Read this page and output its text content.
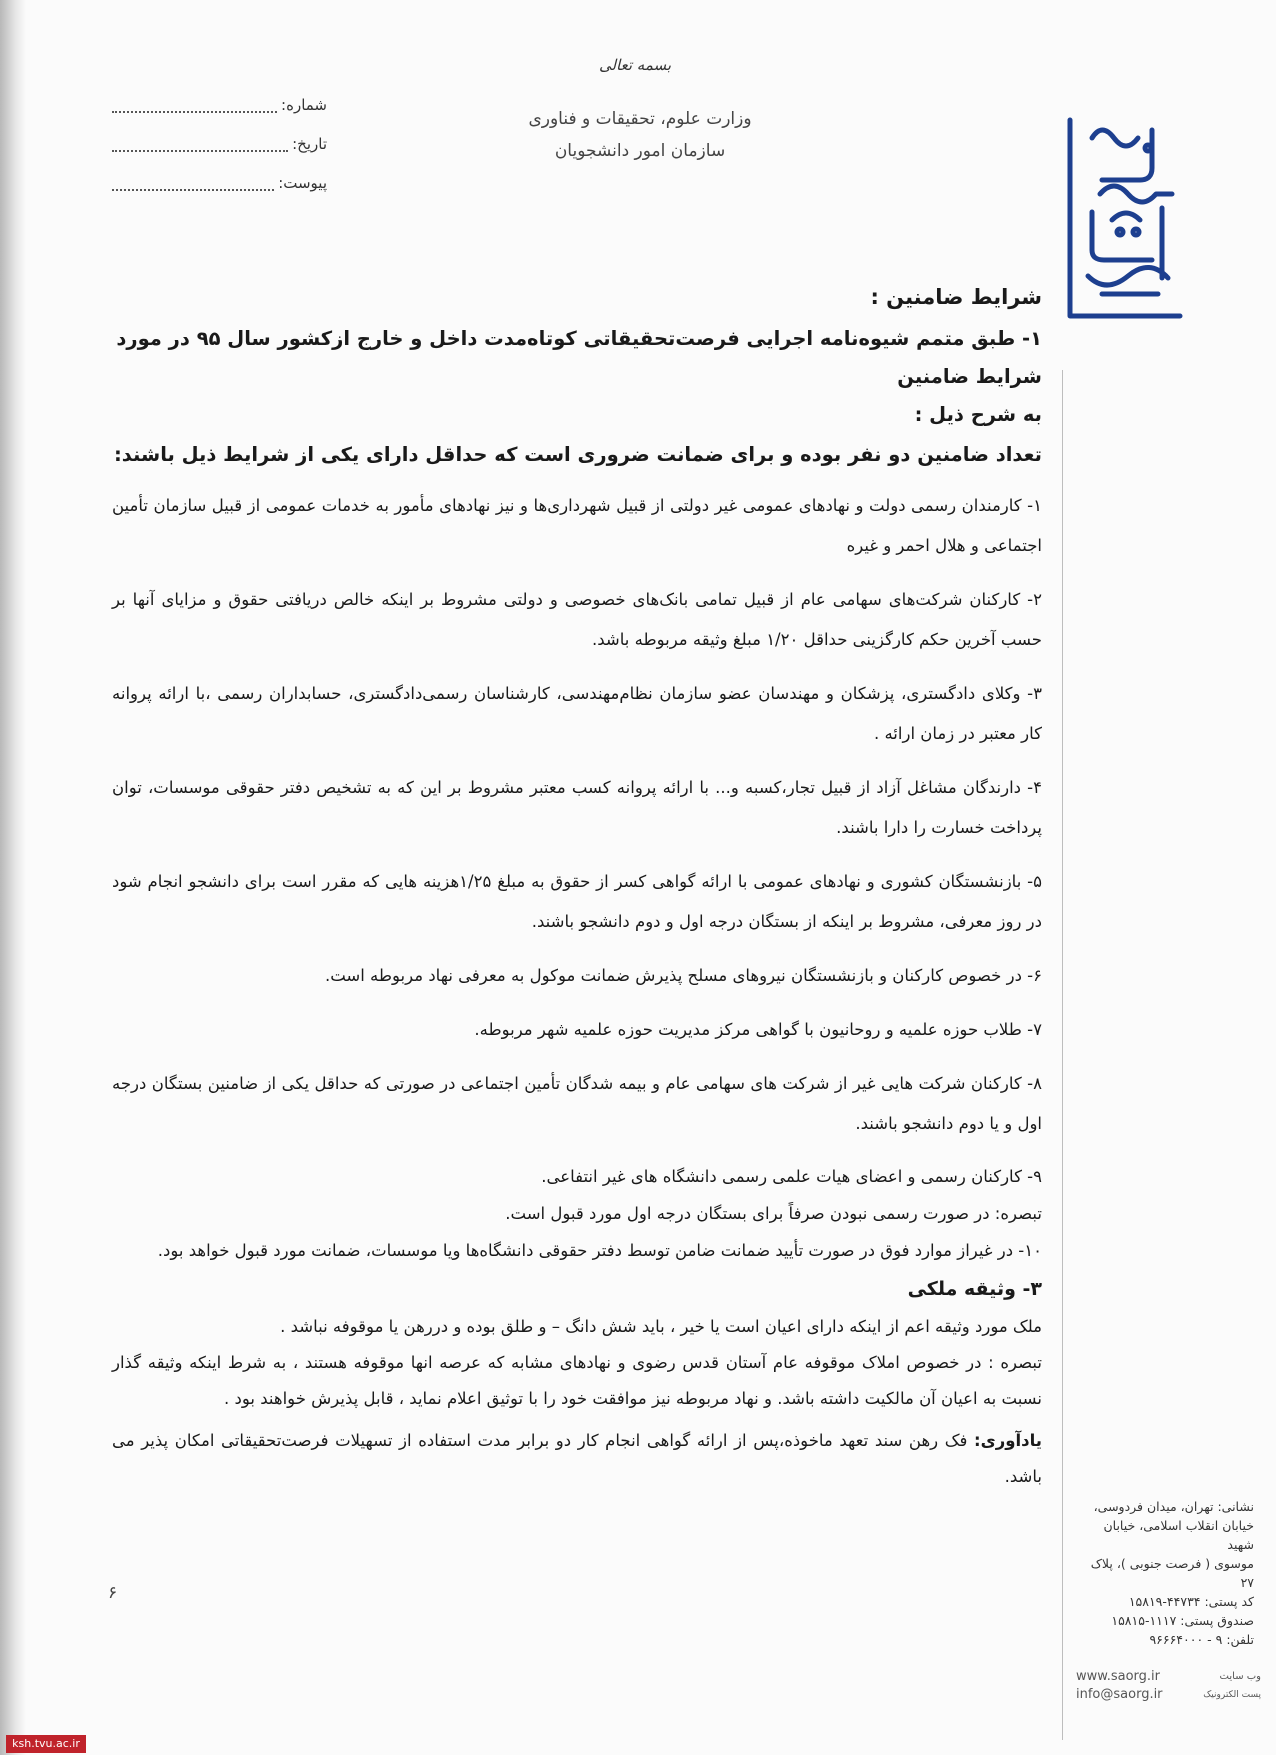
بسمه تعالی
وزارت علوم، تحقیقات و فناوری
سازمان امور دانشجویان
شماره:
تاریخ:
پیوست:

شرایط ضامنین :

۱- طبق متمم شیوه‌نامه اجرایی فرصت‌تحقیقاتی کوتاه‌مدت داخل و خارج ازکشور سال ۹۵ در مورد شرایط ضامنین

به شرح ذیل :

تعداد ضامنین دو نفر بوده و برای ضمانت ضروری است که حداقل دارای یکی از شرایط ذیل باشند:

۱- کارمندان رسمی دولت و نهادهای عمومی غیر دولتی از قبیل شهرداری‌ها و نیز نهادهای مأمور به خدمات عمومی از قبیل سازمان تأمین اجتماعی و هلال احمر و غیره

۲- کارکنان شرکت‌های سهامی عام از قبیل تمامی بانک‌های خصوصی و دولتی مشروط بر اینکه خالص دریافتی حقوق و مزایای آنها بر حسب آخرین حکم کارگزینی حداقل ۱/۲۰ مبلغ وثیقه مربوطه باشد.

۳- وکلای دادگستری، پزشکان و مهندسان عضو سازمان نظام‌مهندسی، کارشناسان رسمی‌دادگستری، حسابداران رسمی ،با ارائه پروانه کار معتبر در زمان ارائه .

۴- دارندگان مشاغل آزاد از قبیل تجار،کسبه و... با ارائه پروانه کسب معتبر مشروط بر این که به تشخیص دفتر حقوقی موسسات، توان پرداخت خسارت را دارا باشند.

۵- بازنشستگان کشوری و نهادهای عمومی با ارائه گواهی کسر از حقوق به مبلغ ۱/۲۵هزینه هایی که مقرر است برای دانشجو انجام شود در روز معرفی، مشروط بر اینکه از بستگان درجه اول و دوم دانشجو باشند.

۶- در خصوص کارکنان و بازنشستگان نیروهای مسلح پذیرش ضمانت موکول به معرفی نهاد مربوطه است.

۷- طلاب حوزه علمیه و روحانیون با گواهی مرکز مدیریت حوزه علمیه شهر مربوطه.

۸- کارکنان شرکت هایی غیر از شرکت های سهامی عام و بیمه شدگان تأمین اجتماعی در صورتی که حداقل یکی از ضامنین بستگان درجه اول و یا دوم دانشجو باشند.

۹- کارکنان رسمی و اعضای هیات علمی رسمی دانشگاه های غیر انتفاعی.

تبصره: در صورت رسمی نبودن صرفاً برای بستگان درجه اول مورد قبول است.

۱۰- در غیراز موارد فوق در صورت تأیید ضمانت ضامن توسط دفتر حقوقی دانشگاه‌ها ویا موسسات، ضمانت مورد قبول خواهد بود.

۳- وثیقه ملکی

ملک مورد وثیقه اعم از اینکه دارای اعیان است یا خیر ، باید شش دانگ – و طلق بوده و دررهن یا موقوفه نباشد .

تبصره : در خصوص املاک موقوفه عام آستان قدس رضوی و نهادهای مشابه که عرصه انها موقوفه هستند ، به شرط اینکه وثیقه گذار نسبت به اعیان آن مالکیت داشته باشد. و نهاد مربوطه نیز موافقت خود را با توثیق اعلام نماید ، قابل پذیرش خواهند بود .

یادآوری: فک رهن سند تعهد ماخوذه،پس از ارائه گواهی انجام کار دو برابر مدت استفاده از تسهیلات فرصت‌تحقیقاتی امکان پذیر می باشد.

۶
نشانی: تهران، میدان فردوسی،
خیابان انقلاب اسلامی، خیابان شهید
موسوی ( فرصت جنوبی )، پلاک ۲۷
کد پستی: ۴۴۷۳۴-۱۵۸۱۹
صندوق پستی: ۱۱۱۷-۱۵۸۱۵
تلفن: ۹ - ۹۶۶۶۴۰۰۰
www.saorg.ir	وب سایت
info@saorg.ir	پست الکترونیک
ksh.tvu.ac.ir
